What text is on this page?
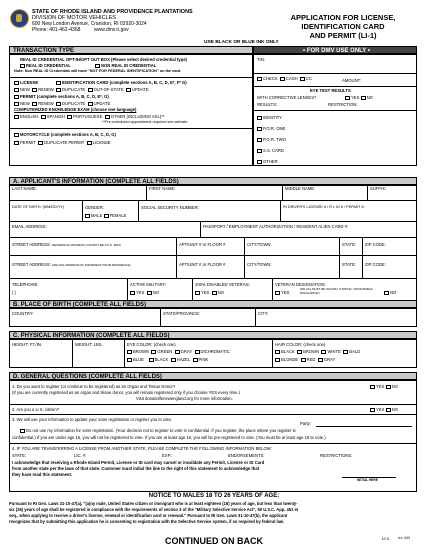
STATE OF RHODE ISLAND AND PROVIDENCE PLANTATIONS
DIVISION OF MOTOR VEHICLES
600 New London Avenue, Cranston, RI 02920-3024
Phone: 401-462-4368	www.dmv.ri.gov
APPLICATION FOR LICENSE,
IDENTIFICATION CARD
AND PERMIT (LI-1)
USE BLACK OR BLUE INK ONLY
TRANSACTION TYPE	• FOR DMV USE ONLY •
REAL ID CREDENTIAL OPT-IN/OPT OUT BOX (Please select desired credential type)
REAL ID CREDENTIAL	NON REAL ID CREDENTIAL
Note: Non REAL ID Credentials will have "NOT FOR FEDERAL IDENTIFICATION" on the card.
LICENSE	IDENTIFICATION CARD (complete sections A, B, C, D, E*, F* G)
NEW RENEW DUPLICATE OUT-OF-STATE UPDATE
PERMIT (complete sections A, B, C, D, E*, G)
NEW RENEW DUPLICATE UPDATE
COMPUTERIZED KNOWLEDGE EXAM (choose one language)
ENGLISH SPANISH PORTUGUESE OTHER (INCLUDING ASL)**
**Pre-scheduled appointment required see website
MOTORCYCLE (complete sections A, B, C, D, G)
PERMIT DUPLICATE PERMIT LICENSE
TIN:
CHECK CASH CC	AMOUNT:
EYE TEST RESULTS
WITH CORRECTIVE LENSES?	YES NO
RESULTS:	RESTRICTION:
IDENTITY
P.O.R. ONE
P.O.R. TWO
S.S. CARD
OTHER
A. APPLICANT'S INFORMATION (COMPLETE ALL FIELDS)
LAST NAME:	FIRST NAME:	MIDDLE NAME:	SUFFIX:
DATE OF BIRTH: (MM/DD/YY)	GENDER:
MALE FEMALE
SOCIAL SECURITY NUMBER:	RI DRIVER'S LICENSE # / R.I. ID # / PERMIT #:
EMAIL ADDRESS:	PASSPORT / EMPLOYMENT AUTHORIZATION / RESIDENT ALIEN CARD #:
STREET ADDRESS: RESIDENCE ADDRESS (CANNOT BE A P.O. BOX)	APT/UNIT # or FLOOR #	CITY/TOWN:	STATE: ZIP CODE:
STREET ADDRESS: MAILING ADDRESS (IF DIFFERENT FROM RESIDENCE)	APT/UNIT # or FLOOR #	CITY/TOWN:	STATE: ZIP CODE:
TELEPHONE:
( )
ACTIVE MILITARY:
YES NO
100% DISABLED VETERAN:
YES NO
VETERAN DESIGNATION:
YES
(DD 214 MUST BE SHOWN, STATING "HONORABLE DISCHARGE")	NO
B. PLACE OF BIRTH (COMPLETE ALL FIELDS)
COUNTRY:	STATE/PROVINCE:	CITY:
C. PHYSICAL INFORMATION (COMPLETE ALL FIELDS)
HEIGHT: FT./IN.	WEIGHT: LBS.	EYE COLOR: (check one)
BROWN GREEN GRAY DICHROMATIC
BLUE	BLACK HAZEL PINK
HAIR COLOR: (check one)
BLACK BROWN WHITE BALD
BLONDE RED GRAY
D. GENERAL QUESTIONS (COMPLETE ALL FIELDS)
1. Do you want to register (or continue to be registered) as an Organ and Tissue Donor?
(If you are currently registered as an organ and tissue donor, you will remain registered only if you choose YES every time.)
Visit donatelifenewengland.org for more information.
YES NO
2. Are you a U.S. citizen?	YES NO
3. We will use your information to update your voter registration or register you to vote.
Party:
Do not use my information for voter registration. (Your decision not to register to vote is confidential. If you register, the place where you register is
confidential.) If you are under age 16, you will not be registered to vote. If you are at least age 16, you will be pre-registered to vote. (You must be at least age 18 to vote.)
4. IF YOU ARE TRANSFERRING A LICENSE FROM ANOTHER STATE, PLEASE COMPLETE THE FOLLOWING INFORMATION BELOW:
STATE:	LIC. #:	EXP.:	ENDORSEMENTS:	RESTRICTIONS:
I acknowledge that receiving a Rhode Island Permit, License or ID card may cancel or invalidate any Permit, License or ID Card
from another state per the laws of that state. Customer must initial the line to the right of this statement to acknowledge that
they have read this statement.
INITIAL HERE
NOTICE TO MALES 18 TO 26 YEARS OF AGE:
Pursuant to RI Gen. Laws 31-10-47(a), "(a)ny male, United States citizen or immigrant who is at least eighteen (18) years of age, but less than twenty-
six (26) years of age shall be registered in compliance with the requirements of section 3 of the "Military Selective Service Act", 50 U.S.C. App. 451 et
seq., when applying to receive a driver's license, renewal or identification card or renewal." Pursuant to RI Gen. Laws 31-10-47(b), the applicant
recognizes that by submitting this application he is consenting to registration with the Selective Service system, if so required by federal law.
CONTINUED ON BACK	LI-1	rev. 4/19
